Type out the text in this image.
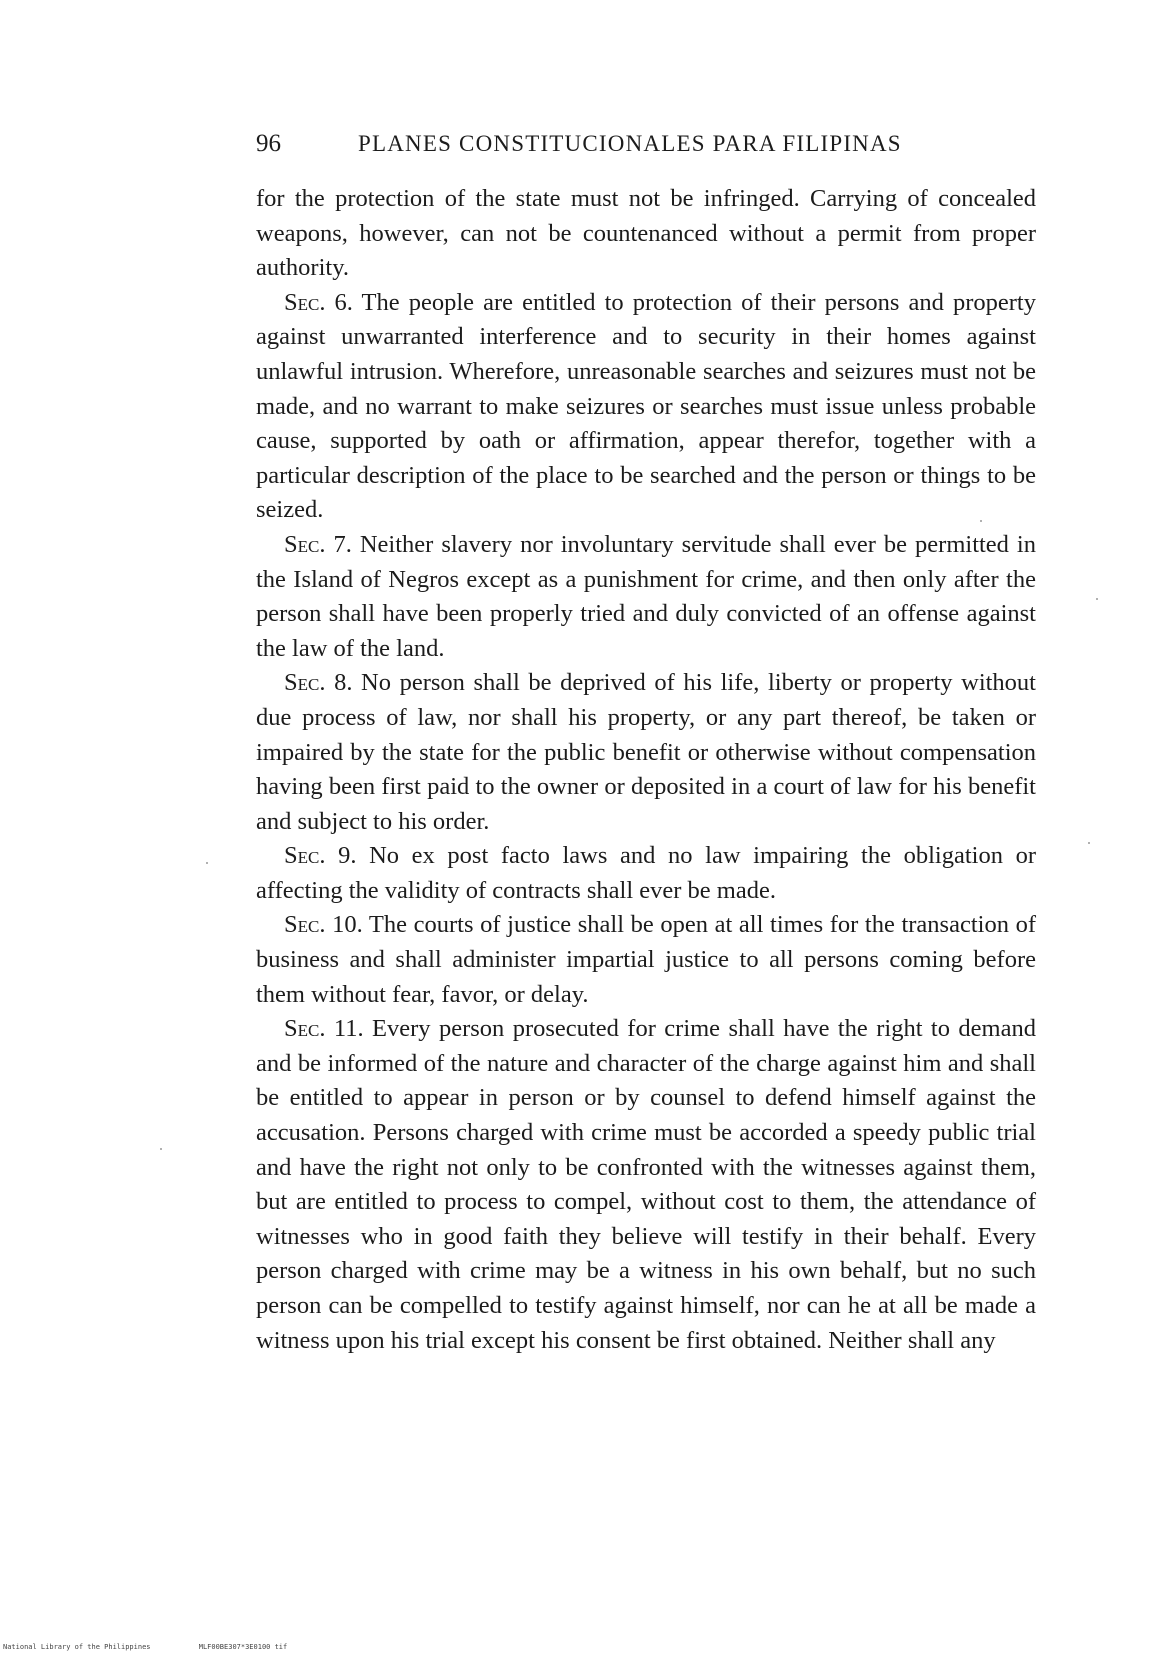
96	PLANES CONSTITUCIONALES PARA FILIPINAS

for the protection of the state must not be infringed. Carrying of concealed weapons, however, can not be countenanced without a permit from proper authority.

Sec. 6. The people are entitled to protection of their persons and property against unwarranted interference and to security in their homes against unlawful intrusion. Wherefore, unreasonable searches and seizures must not be made, and no warrant to make seizures or searches must issue unless probable cause, supported by oath or affirmation, appear therefor, together with a particular description of the place to be searched and the person or things to be seized.

Sec. 7. Neither slavery nor involuntary servitude shall ever be permitted in the Island of Negros except as a punishment for crime, and then only after the person shall have been properly tried and duly convicted of an offense against the law of the land.

Sec. 8. No person shall be deprived of his life, liberty or property without due process of law, nor shall his property, or any part thereof, be taken or impaired by the state for the public benefit or otherwise without compensation having been first paid to the owner or deposited in a court of law for his benefit and subject to his order.

Sec. 9. No ex post facto laws and no law impairing the obligation or affecting the validity of contracts shall ever be made.

Sec. 10. The courts of justice shall be open at all times for the transaction of business and shall administer impartial justice to all persons coming before them without fear, favor, or delay.

Sec. 11. Every person prosecuted for crime shall have the right to demand and be informed of the nature and character of the charge against him and shall be entitled to appear in person or by counsel to defend himself against the accusation. Persons charged with crime must be accorded a speedy public trial and have the right not only to be confronted with the witnesses against them, but are entitled to process to compel, without cost to them, the attendance of witnesses who in good faith they believe will testify in their behalf. Every person charged with crime may be a witness in his own behalf, but no such person can be compelled to testify against himself, nor can he at all be made a witness upon his trial except his consent be first obtained. Neither shall any

National Library of the Philippines	MLF00BE307*3E0100 tif
